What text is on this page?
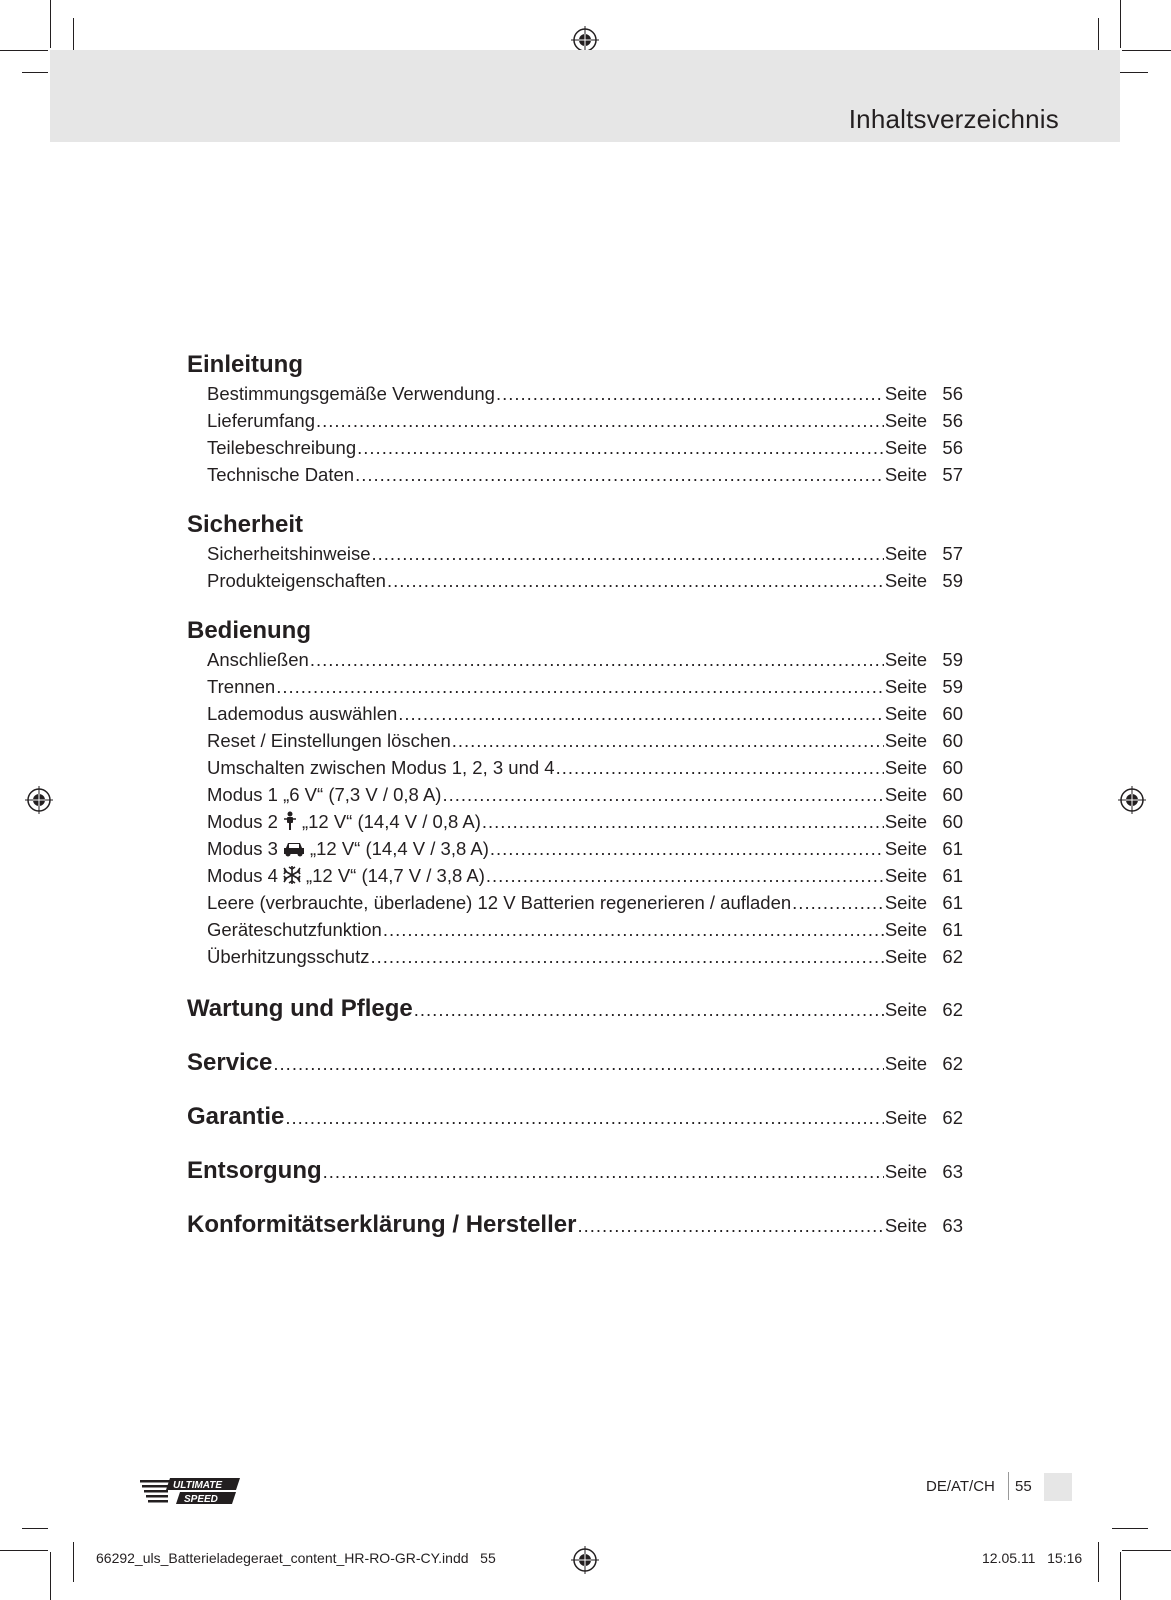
Inhaltsverzeichnis
Einleitung
Bestimmungsgemäße Verwendung .....	Seite 56
Lieferumfang .....	Seite 56
Teilebeschreibung .....	Seite 56
Technische Daten .....	Seite 57
Sicherheit
Sicherheitshinweise .....	Seite 57
Produkteigenschaften .....	Seite 59
Bedienung
Anschließen .....	Seite 59
Trennen .....	Seite 59
Lademodus auswählen .....	Seite 60
Reset / Einstellungen löschen .....	Seite 60
Umschalten zwischen Modus 1, 2, 3 und 4 .....	Seite 60
Modus 1 „6 V“ (7,3 V / 0,8 A) .....	Seite 60
Modus 2 „12 V“ (14,4 V / 0,8 A) .....	Seite 60
Modus 3 „12 V“ (14,4 V / 3,8 A) .....	Seite 61
Modus 4 „12 V“ (14,7 V / 3,8 A) .....	Seite 61
Leere (verbrauchte, überladene) 12 V Batterien regenerieren / aufladen .....	Seite 61
Geräteschutzfunktion .....	Seite 61
Überhitzungsschutz .....	Seite 62
Wartung und Pflege .....	Seite 62
Service .....	Seite 62
Garantie .....	Seite 62
Entsorgung .....	Seite 63
Konformitätserklärung / Hersteller .....	Seite 63
ULTIMATE
SPEED
DE/AT/CH 55
66292_uls_Batterieladegeraet_content_HR-RO-GR-CY.indd   55	12.05.11   15:16
